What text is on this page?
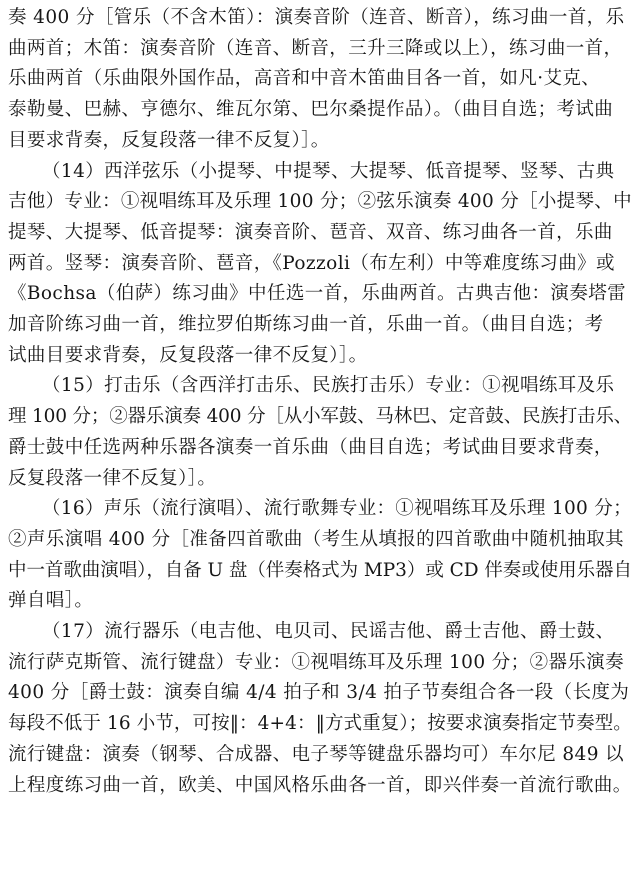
奏 400 分［管乐（不含木笛）：演奏音阶（连音、断音），练习曲一首，乐
曲两首；木笛：演奏音阶（连音、断音，三升三降或以上），练习曲一首，
乐曲两首（乐曲限外国作品，高音和中音木笛曲目各一首，如凡·艾克、
泰勒曼、巴赫、亨德尔、维瓦尔第、巴尔桑提作品）。（曲目自选；考试曲
目要求背奏，反复段落一律不反复）］。

（14）西洋弦乐（小提琴、中提琴、大提琴、低音提琴、竖琴、古典
吉他）专业：①视唱练耳及乐理 100 分；②弦乐演奏 400 分［小提琴、中
提琴、大提琴、低音提琴：演奏音阶、琶音、双音、练习曲各一首，乐曲
两首。竖琴：演奏音阶、琶音，《Pozzoli（布左利）中等难度练习曲》或
《Bochsa（伯萨）练习曲》中任选一首，乐曲两首。古典吉他：演奏塔雷
加音阶练习曲一首，维拉罗伯斯练习曲一首，乐曲一首。（曲目自选；考
试曲目要求背奏，反复段落一律不反复）］。

（15）打击乐（含西洋打击乐、民族打击乐）专业：①视唱练耳及乐
理 100 分；②器乐演奏 400 分［从小军鼓、马林巴、定音鼓、民族打击乐、
爵士鼓中任选两种乐器各演奏一首乐曲（曲目自选；考试曲目要求背奏，
反复段落一律不反复）］。

（16）声乐（流行演唱）、流行歌舞专业：①视唱练耳及乐理 100 分；
②声乐演唱 400 分［准备四首歌曲（考生从填报的四首歌曲中随机抽取其
中一首歌曲演唱），自备 U 盘（伴奏格式为 MP3）或 CD 伴奏或使用乐器自
弹自唱］。

（17）流行器乐（电吉他、电贝司、民谣吉他、爵士吉他、爵士鼓、
流行萨克斯管、流行键盘）专业：①视唱练耳及乐理 100 分；②器乐演奏
400 分［爵士鼓：演奏自编 4/4 拍子和 3/4 拍子节奏组合各一段（长度为
每段不低于 16 小节，可按‖：4+4：‖方式重复）；按要求演奏指定节奏型。
流行键盘：演奏（钢琴、合成器、电子琴等键盘乐器均可）车尔尼 849 以
上程度练习曲一首，欧美、中国风格乐曲各一首，即兴伴奏一首流行歌曲。
